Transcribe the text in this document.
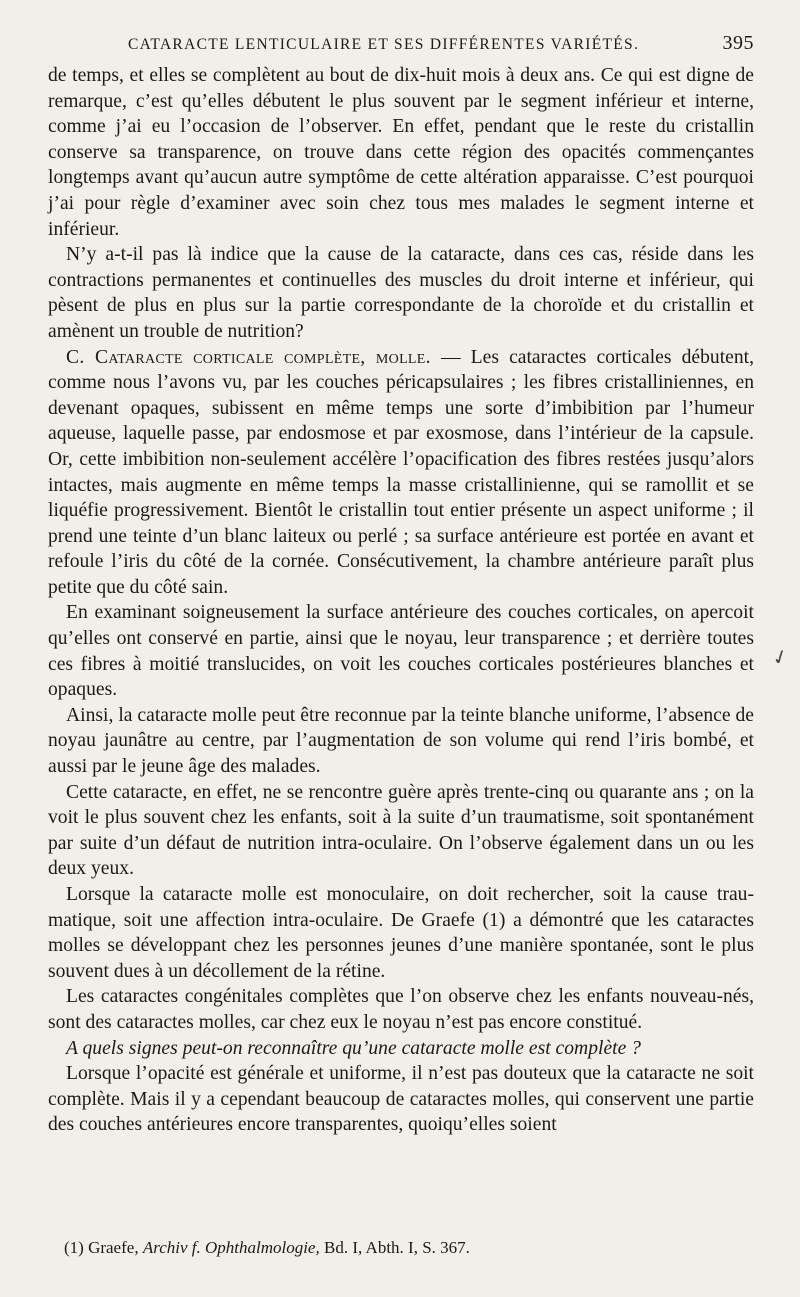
CATARACTE LENTICULAIRE ET SES DIFFÉRENTES VARIÉTÉS.	395

de temps, et elles se complètent au bout de dix-huit mois à deux ans. Ce qui est digne de remarque, c’est qu’elles débutent le plus souvent par le segment inférieur et interne, comme j’ai eu l’occasion de l’observer. En effet, pendant que le reste du cristallin conserve sa transparence, on trouve dans cette région des opacités commençantes longtemps avant qu’aucun autre symptôme de cette altération apparaisse. C’est pourquoi j’ai pour règle d’examiner avec soin chez tous mes malades le segment interne et inférieur.

N’y a-t-il pas là indice que la cause de la cataracte, dans ces cas, réside dans les contractions permanentes et continuelles des muscles du droit interne et inférieur, qui pèsent de plus en plus sur la partie correspondante de la choroïde et du cristallin et amènent un trouble de nutrition?

C. Cataracte corticale complète, molle. — Les cataractes corticales débutent, comme nous l’avons vu, par les couches péricapsulaires ; les fibres cristalliniennes, en devenant opaques, subissent en même temps une sorte d’imbibition par l’humeur aqueuse, laquelle passe, par endosmose et par exosmose, dans l’intérieur de la capsule. Or, cette imbibition non-seulement accélère l’opacification des fibres restées jusqu’alors intactes, mais augmente en même temps la masse cristallinienne, qui se ramollit et se liquéfie progressivement. Bientôt le cristallin tout entier présente un aspect uniforme ; il prend une teinte d’un blanc laiteux ou perlé ; sa surface antérieure est portée en avant et refoule l’iris du côté de la cornée. Consécutivement, la chambre antérieure paraît plus petite que du côté sain.

En examinant soigneusement la surface antérieure des couches corticales, on apercoit qu’elles ont conservé en partie, ainsi que le noyau, leur transparence ; et derrière toutes ces fibres à moitié translucides, on voit les couches corticales postérieures blanches et opaques.

Ainsi, la cataracte molle peut être reconnue par la teinte blanche uniforme, l’absence de noyau jaunâtre au centre, par l’augmentation de son volume qui rend l’iris bombé, et aussi par le jeune âge des malades.

Cette cataracte, en effet, ne se rencontre guère après trente-cinq ou quarante ans ; on la voit le plus souvent chez les enfants, soit à la suite d’un traumatisme, soit spontanément par suite d’un défaut de nutrition intra-oculaire. On l’observe également dans un ou les deux yeux.

Lorsque la cataracte molle est monoculaire, on doit rechercher, soit la cause traumatique, soit une affection intra-oculaire. De Graefe (1) a démontré que les cataractes molles se développant chez les personnes jeunes d’une manière spontanée, sont le plus souvent dues à un décollement de la rétine.

Les cataractes congénitales complètes que l’on observe chez les enfants nouveau-nés, sont des cataractes molles, car chez eux le noyau n’est pas encore constitué.

A quels signes peut-on reconnaître qu’une cataracte molle est complète ?

Lorsque l’opacité est générale et uniforme, il n’est pas douteux que la cataracte ne soit complète. Mais il y a cependant beaucoup de cataractes molles, qui conservent une partie des couches antérieures encore transparentes, quoiqu’elles soient

✓
(1) Graefe, Archiv f. Ophthalmologie, Bd. I, Abth. I, S. 367.
